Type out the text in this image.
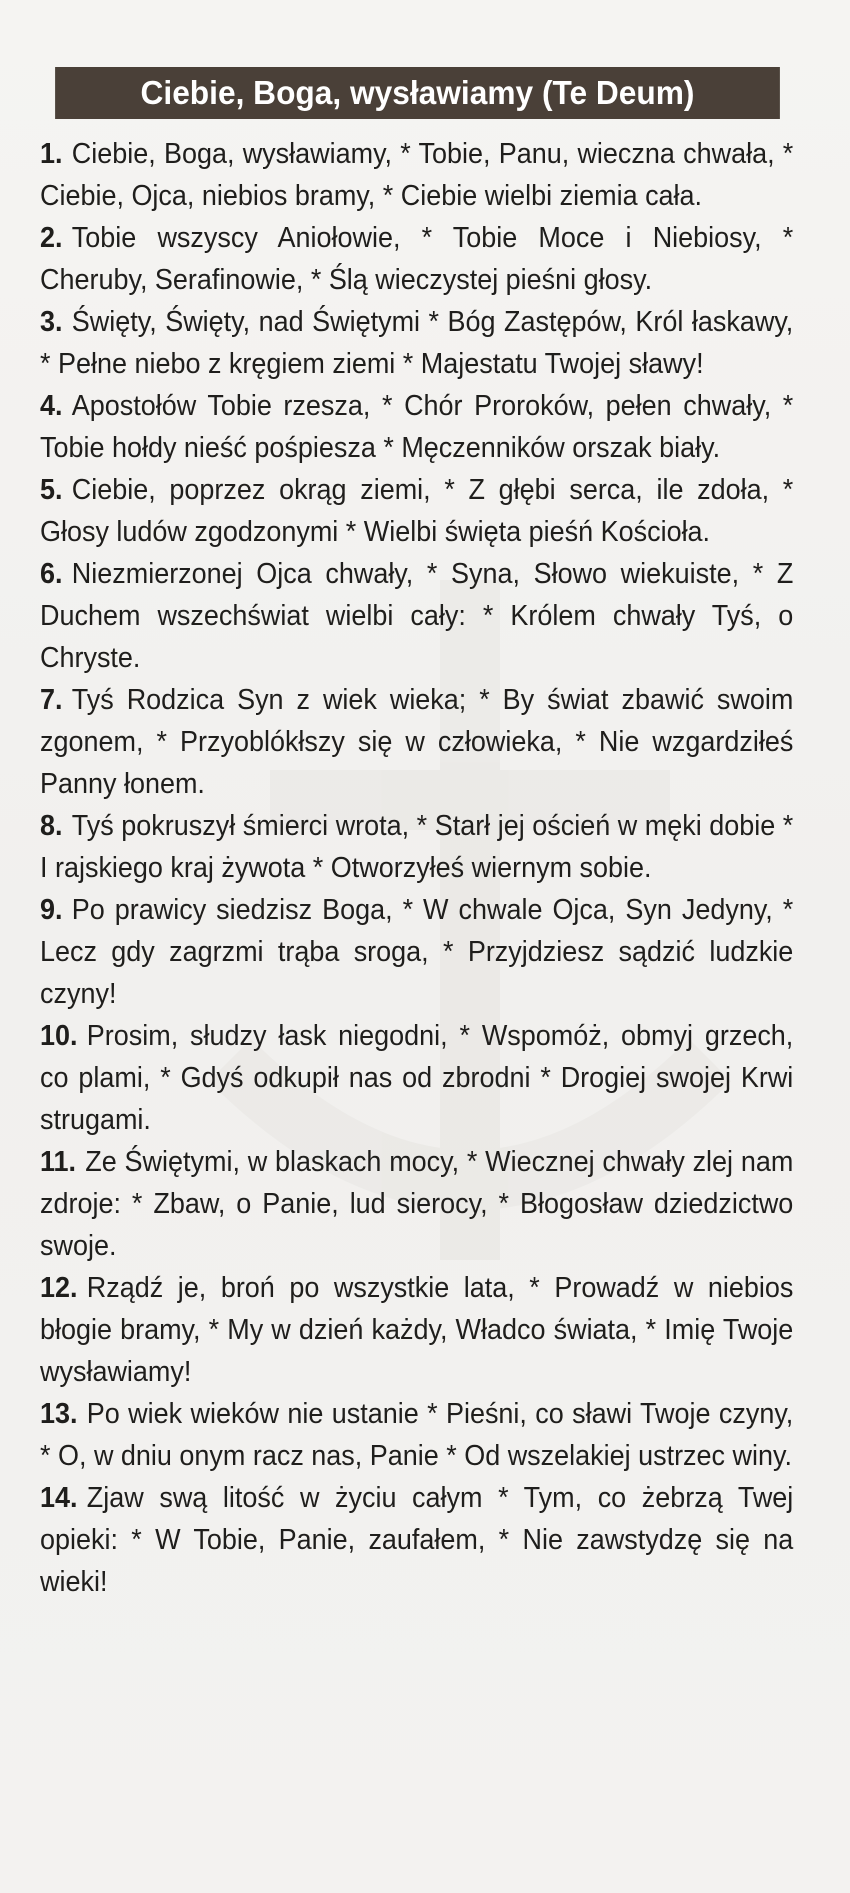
Ciebie, Boga, wysławiamy (Te Deum)

1. Ciebie, Boga, wysławiamy, * Tobie, Panu, wieczna chwała, * Ciebie, Ojca, niebios bramy, * Ciebie wielbi ziemia cała.

2. Tobie wszyscy Aniołowie, * Tobie Moce i Niebiosy, * Cheruby, Serafinowie, * Ślą wieczystej pieśni głosy.

3. Święty, Święty, nad Świętymi * Bóg Zastępów, Król łaskawy, * Pełne niebo z kręgiem ziemi * Majestatu Twojej sławy!

4. Apostołów Tobie rzesza, * Chór Proroków, pełen chwały, * Tobie hołdy nieść pośpiesza * Męczenników orszak biały.

5. Ciebie, poprzez okrąg ziemi, * Z głębi serca, ile zdoła, * Głosy ludów zgodzonymi * Wielbi święta pieśń Kościoła.

6. Niezmierzonej Ojca chwały, * Syna, Słowo wiekuiste, * Z Duchem wszechświat wielbi cały: * Królem chwały Tyś, o Chryste.

7. Tyś Rodzica Syn z wiek wieka; * By świat zbawić swoim zgonem, * Przyoblókłszy się w człowieka, * Nie wzgardziłeś Panny łonem.

8. Tyś pokruszył śmierci wrota, * Starł jej oścień w męki dobie * I rajskiego kraj żywota * Otworzyłeś wiernym sobie.

9. Po prawicy siedzisz Boga, * W chwale Ojca, Syn Jedyny, * Lecz gdy zagrzmi trąba sroga, * Przyjdziesz sądzić ludzkie czyny!

10. Prosim, słudzy łask niegodni, * Wspomóż, obmyj grzech, co plami, * Gdyś odkupił nas od zbrodni * Drogiej swojej Krwi strugami.

11. Ze Świętymi, w blaskach mocy, * Wiecznej chwały zlej nam zdroje: * Zbaw, o Panie, lud sierocy, * Błogosław dziedzictwo swoje.

12. Rządź je, broń po wszystkie lata, * Prowadź w niebios błogie bramy, * My w dzień każdy, Władco świata, * Imię Twoje wysławiamy!

13. Po wiek wieków nie ustanie * Pieśni, co sławi Twoje czyny, * O, w dniu onym racz nas, Panie * Od wszelakiej ustrzec winy.

14. Zjaw swą litość w życiu całym * Tym, co żebrzą Twej opieki: * W Tobie, Panie, zaufałem, * Nie zawstydzę się na wieki!
